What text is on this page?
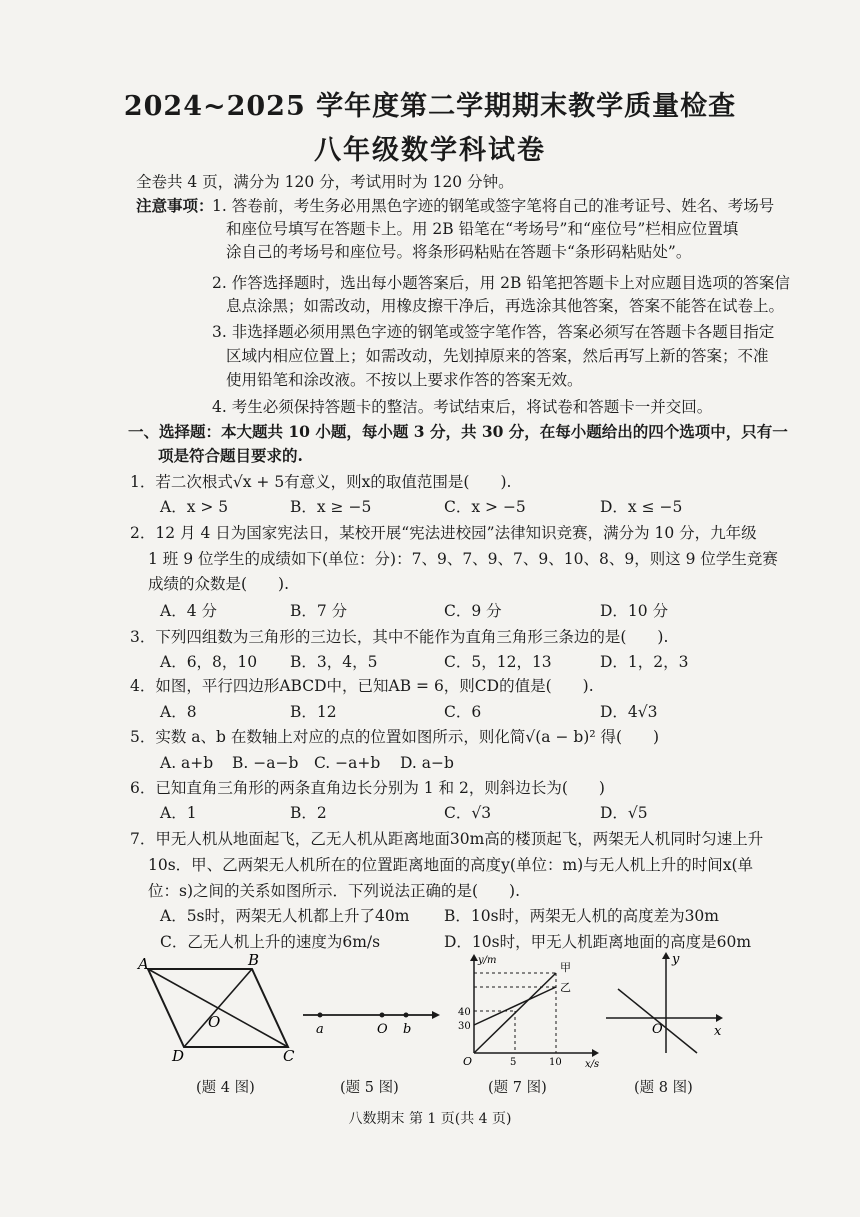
2024~2025 学年度第二学期期末教学质量检查
八年级数学科试卷
全卷共 4 页，满分为 120 分，考试用时为 120 分钟。
注意事项：
1. 答卷前，考生务必用黑色字迹的钢笔或签字笔将自己的准考证号、姓名、考场号
和座位号填写在答题卡上。用 2B 铅笔在“考场号”和“座位号”栏相应位置填
涂自己的考场号和座位号。将条形码粘贴在答题卡“条形码粘贴处”。
2. 作答选择题时，选出每小题答案后，用 2B 铅笔把答题卡上对应题目选项的答案信
息点涂黑；如需改动，用橡皮擦干净后，再选涂其他答案，答案不能答在试卷上。
3. 非选择题必须用黑色字迹的钢笔或签字笔作答，答案必须写在答题卡各题目指定
区域内相应位置上；如需改动，先划掉原来的答案，然后再写上新的答案；不准
使用铅笔和涂改液。不按以上要求作答的答案无效。
4. 考生必须保持答题卡的整洁。考试结束后，将试卷和答题卡一并交回。
一、选择题：本大题共 10 小题，每小题 3 分，共 30 分，在每小题给出的四个选项中，只有一
项是符合题目要求的.
1．若二次根式√x + 5有意义，则x的取值范围是(　　).
A．x > 5	B．x ≥ −5	C．x > −5	D．x ≤ −5
2．12 月 4 日为国家宪法日，某校开展“宪法进校园”法律知识竞赛，满分为 10 分，九年级
1 班 9 位学生的成绩如下(单位：分)：7、9、7、9、7、9、10、8、9，则这 9 位学生竞赛
成绩的众数是(　　).
A．4 分	B．7 分	C．9 分	D．10 分
3．下列四组数为三角形的三边长，其中不能作为直角三角形三条边的是(　　).
A．6，8，10 B．3，4，5	C．5，12，13	D．1，2，3
4．如图，平行四边形ABCD中，已知AB = 6，则CD的值是(　　).
A．8	B．12	C．6	D．4√3
5．实数 a、b 在数轴上对应的点的位置如图所示，则化简√(a − b)² 得(　　)
A. a+b B. −a−b C. −a+b D. a−b
6．已知直角三角形的两条直角边长分别为 1 和 2，则斜边长为(　　)
A．1	B．2	C．√3	D．√5
7．甲无人机从地面起飞，乙无人机从距离地面30m高的楼顶起飞，两架无人机同时匀速上升
10s．甲、乙两架无人机所在的位置距离地面的高度y(单位：m)与无人机上升的时间x(单
位：s)之间的关系如图所示．下列说法正确的是(　　).
A．5s时，两架无人机都上升了40m B．10s时，两架无人机的高度差为30m
C．乙无人机上升的速度为6m/s	D．10s时，甲无人机距离地面的高度是60m
A	B
C
D
O	a	O b
y/m
x/s
O	5	10
30
40
甲
乙
y
x
O
(题 4 图)	(题 5 图)	(题 7 图)	(题 8 图)
八数期末 第 1 页(共 4 页)
